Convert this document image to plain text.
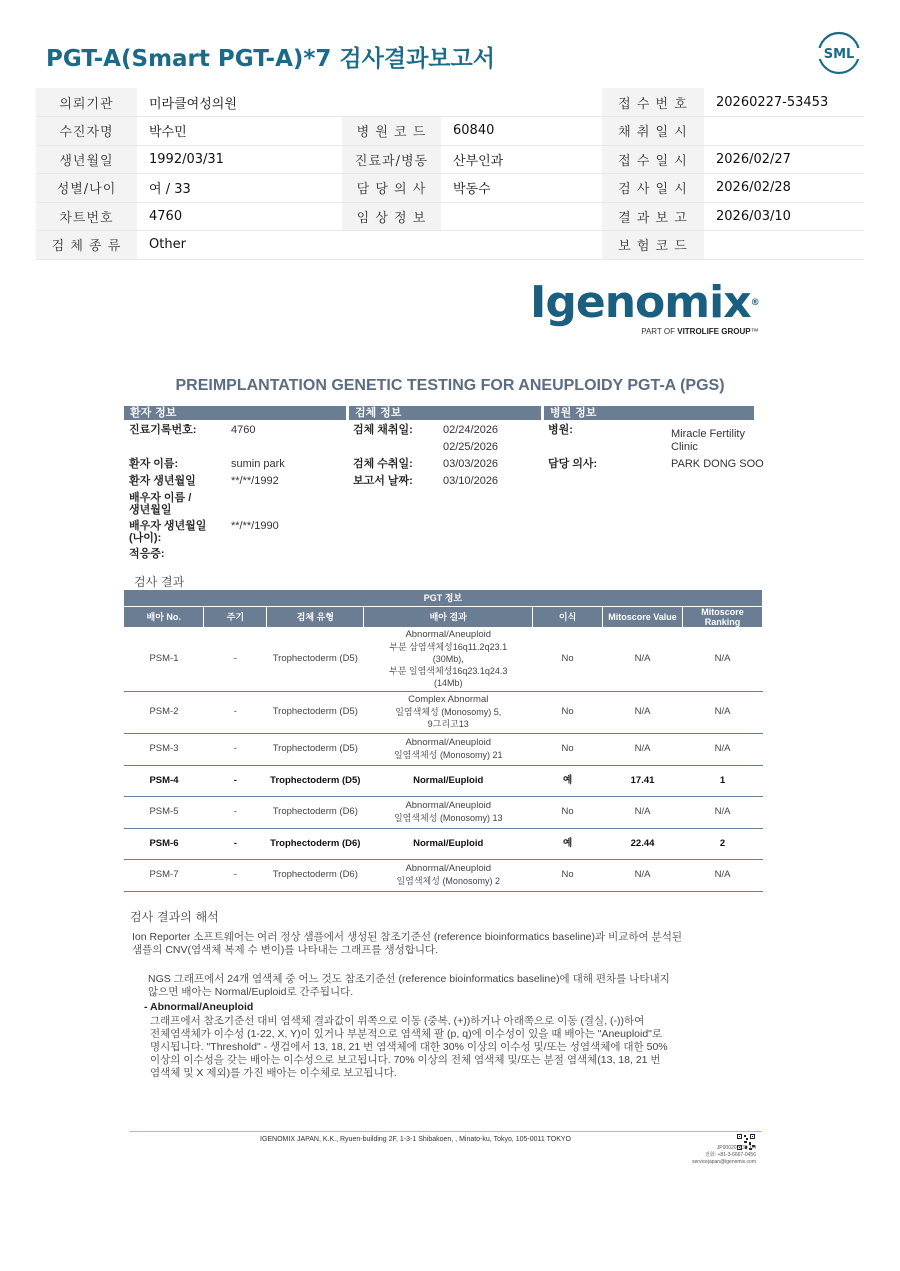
PGT-A(Smart PGT-A)*7 검사결과보고서	SML
의뢰기관	미라클여성의원			접 수 번 호	20260227-53453
수진자명	박수민	병 원 코 드	60840	채 취 일 시	
생년월일	1992/03/31	진료과/병동	산부인과	접 수 일 시	2026/02/27
성별/나이	여 / 33	담 당 의 사	박동수	검 사 일 시	2026/02/28
차트번호	4760	임 상 정 보		결 과 보 고	2026/03/10
검 체 종 류	Other			보 험 코 드	
Igenomix®
PART OF VITROLIFE GROUP™
PREIMPLANTATION GENETIC TESTING FOR ANEUPLOIDY PGT-A (PGS)
환자 정보	검체 정보	병원 정보
진료기록번호:	4760
환자 이름:	sumin park
환자 생년월일	**/**/1992
배우자 이름 /
생년월일
배우자 생년월일
(나이):
**/**/1990
적응증:
검체 채취일:	02/24/2026
02/25/2026
검체 수취일:	03/03/2026
보고서 날짜:	03/10/2026
병원:	Miracle Fertility
Clinic
담당 의사:	PARK DONG SOO
검사 결과
PGT 정보						
배아 No.	주기	검체 유형	배아 결과	이식	Mitoscore Value	Mitoscore Ranking
PSM-1	-	Trophectoderm (D5)	Abnormal/Aneuploid
부분 삼염색체성16q11.2q23.1
(30Mb),
부분 일염색체성16q23.1q24.3
(14Mb)	No	N/A	N/A
PSM-2	-	Trophectoderm (D5)	Complex Abnormal
일염색체성 (Monosomy) 5,
9그리고13	No	N/A	N/A
PSM-3	-	Trophectoderm (D5)	Abnormal/Aneuploid
일염색체성 (Monosomy) 21	No	N/A	N/A
PSM-4	-	Trophectoderm (D5)	Normal/Euploid	예	17.41	1
PSM-5	-	Trophectoderm (D6)	Abnormal/Aneuploid
일염색체성 (Monosomy) 13	No	N/A	N/A
PSM-6	-	Trophectoderm (D6)	Normal/Euploid	예	22.44	2
PSM-7	-	Trophectoderm (D6)	Abnormal/Aneuploid
일염색체성 (Monosomy) 2	No	N/A	N/A
검사 결과의 해석
Ion Reporter 소프트웨어는 여러 정상 샘플에서 생성된 참조기준선 (reference bioinformatics baseline)과 비교하여 분석된
샘플의 CNV(염색체 복제 수 변이)를 나타내는 그래프를 생성합니다.
NGS 그래프에서 24개 염색체 중 어느 것도 참조기준선 (reference bioinformatics baseline)에 대해 편차를 나타내지
않으면 배아는 Normal/Euploid로 간주됩니다.
- Abnormal/Aneuploid
그래프에서 참조기준선 대비 염색체 결과값이 위쪽으로 이동 (중복, (+))하거나 아래쪽으로 이동 (결실, (-))하여
전체염색체가 이수성 (1-22, X, Y)이 있거나 부분적으로 염색체 팔 (p, q)에 이수성이 있을 때 배아는 "Aneuploid"로
명시됩니다. "Threshold" - 생검에서 13, 18, 21 번 염색체에 대한 30% 이상의 이수성 및/또는 성염색체에 대한 50%
이상의 이수성을 갖는 배아는 이수성으로 보고됩니다. 70% 이상의 전체 염색체 및/또는 분절 염색체(13, 18, 21 번
염색체 및 X 제외)를 가진 배아는 이수체로 보고됩니다.
IGENOMIX JAPAN, K.K., Ryuen-building 2F, 1-3-1 Shibakoen, , Minato-ku, Tokyo, 105-0011 TOKYO
JP000207639 1/4
전화: +81-3-6667-0456
servicejapan@igenomix.com
